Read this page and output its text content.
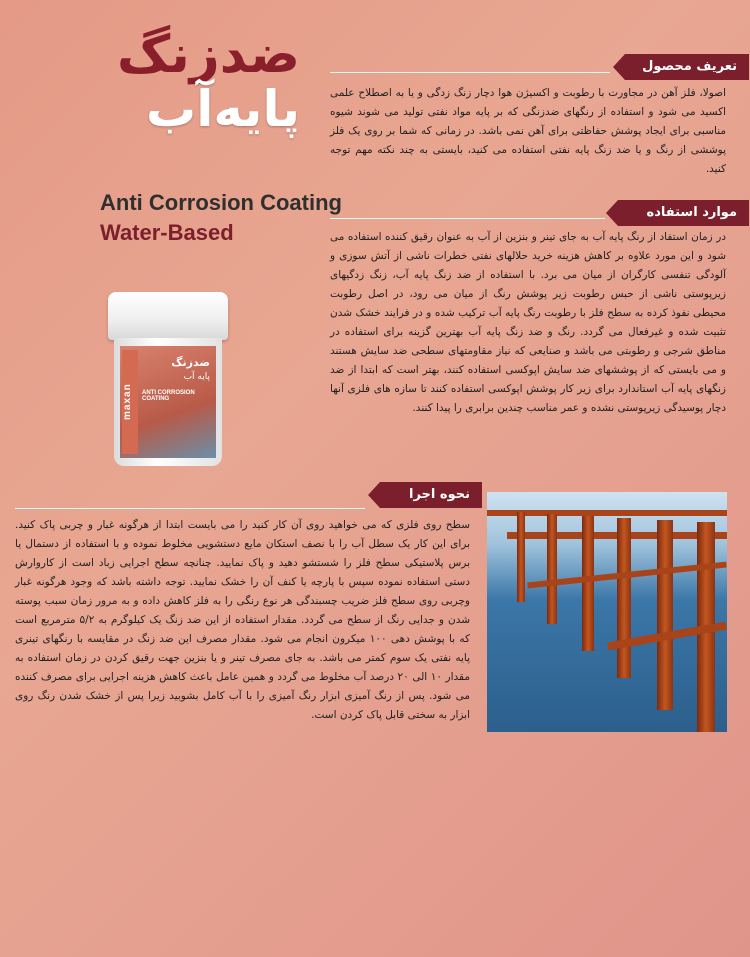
ضدزنگ
پایه‌آب
Anti Corrosion Coating
Water-Based
تعریف محصول

اصولا، فلز آهن در مجاورت با رطوبت و اکسیژن هوا دچار زنگ زدگی و یا به اصطلاح علمی اکسید می شود و استفاده از رنگهای ضدزنگی که بر پایه مواد نفتی تولید می شوند شیوه مناسبی برای ایجاد پوشش حفاظتی برای آهن نمی باشد. در زمانی که شما بر روی یک فلز پوششی از رنگ و یا ضد زنگ پایه نفتی استفاده می کنید، بایستی به چند نکته مهم توجه کنید.

موارد استفاده

در زمان استفاد از رنگ پایه آب به جای تینر و بنزین از آب به عنوان رقیق کننده استفاده می شود و این مورد علاوه بر کاهش هزینه خرید حلالهای نفتی خطرات ناشی از آتش سوزی و آلودگی تنفسی کارگران از میان می برد. با استفاده از ضد زنگ پایه آب، زنگ زدگیهای زیرپوستی ناشی از حبس رطوبت زیر پوشش رنگ از میان می رود، در اصل رطوبت محیطی نفوذ کرده به سطح فلز با رطوبت رنگ پایه آب ترکیب شده و در فرایند خشک شدن تثبیت شده و غیرفعال می گردد. رنگ و ضد زنگ پایه آب بهترین گزینه برای استفاده در مناطق شرجی و رطوبتی می باشد و صنایعی که نیاز مقاومتهای سطحی ضد سایش هستند و می بایستی که از پوششهای ضد سایش اپوکسی استفاده کنند، بهتر است که ابتدا از ضد زنگهای پایه آب استاندارد برای زیر کار پوشش اپوکسی استفاده کنند تا سازه های فلزی آنها دچار پوسیدگی زیرپوستی نشده و عمر مناسب چندین برابری را پیدا کنند.

maxan
ضدزنگ
پایه آب
ANTI CORROSION COATING
نحوه اجرا

سطح روی فلزی که می خواهید روی آن کار کنید را می بایست ابتدا از هرگونه غبار و چربی پاک کنید. برای این کار یک سطل آب را با نصف استکان مایع دستشویی مخلوط نموده و با استفاده از دستمال یا برس پلاستیکی سطح فلز را شستشو دهید و پاک نمایید. چنانچه سطح اجرایی زباد است از کاروارش دستی استفاده نموده سپس با پارچه یا کنف آن را خشک نمایید. توجه داشته باشد که وجود هرگونه غبار وچربی روی سطح فلز ضریب چسبندگی هر نوع رنگی را به فلز کاهش داده و به مرور زمان سبب پوسته شدن و جدایی رنگ از سطح می گردد. مقدار استفاده از این ضد زنگ یک کیلوگرم به ۵/۲ مترمربع است که با پوشش دهی ۱۰۰ میکرون انجام می شود. مقدار مصرف این ضد زنگ در مقایسه با رنگهای تینری پایه نفتی یک سوم کمتر می باشد. به جای مصرف تینر و یا بنزین جهت رقیق کردن در زمان استفاده به مقدار ۱۰ الی ۲۰ درصد آب مخلوط می گردد و همین عامل باعث کاهش هزینه اجرایی برای مصرف کننده می شود. پس از رنگ آمیزی ابزار رنگ آمیزی را با آب کامل بشوبید زیرا پس از خشک شدن رنگ روی ابزار به سختی قابل پاک کردن است.
